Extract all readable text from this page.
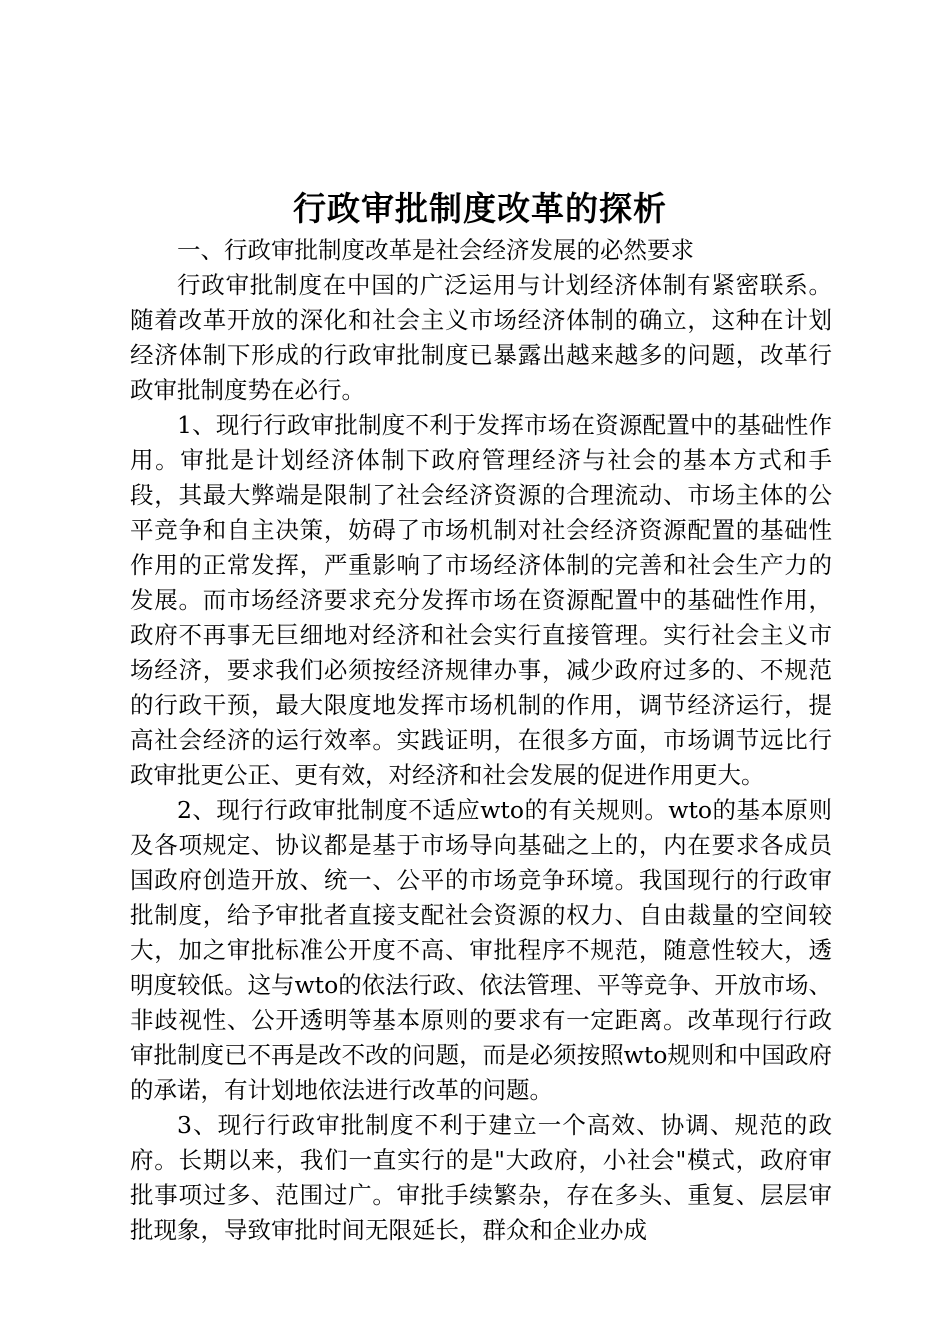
行政审批制度改革的探析

一、行政审批制度改革是社会经济发展的必然要求

行政审批制度在中国的广泛运用与计划经济体制有紧密联系。随着改革开放的深化和社会主义市场经济体制的确立，这种在计划经济体制下形成的行政审批制度已暴露出越来越多的问题，改革行政审批制度势在必行。

1、现行行政审批制度不利于发挥市场在资源配置中的基础性作用。审批是计划经济体制下政府管理经济与社会的基本方式和手段，其最大弊端是限制了社会经济资源的合理流动、市场主体的公平竞争和自主决策，妨碍了市场机制对社会经济资源配置的基础性作用的正常发挥，严重影响了市场经济体制的完善和社会生产力的发展。而市场经济要求充分发挥市场在资源配置中的基础性作用，政府不再事无巨细地对经济和社会实行直接管理。实行社会主义市场经济，要求我们必须按经济规律办事，减少政府过多的、不规范的行政干预，最大限度地发挥市场机制的作用，调节经济运行，提高社会经济的运行效率。实践证明，在很多方面，市场调节远比行政审批更公正、更有效，对经济和社会发展的促进作用更大。

2、现行行政审批制度不适应wto的有关规则。wto的基本原则及各项规定、协议都是基于市场导向基础之上的，内在要求各成员国政府创造开放、统一、公平的市场竞争环境。我国现行的行政审批制度，给予审批者直接支配社会资源的权力、自由裁量的空间较大，加之审批标准公开度不高、审批程序不规范，随意性较大，透明度较低。这与wto的依法行政、依法管理、平等竞争、开放市场、非歧视性、公开透明等基本原则的要求有一定距离。改革现行行政审批制度已不再是改不改的问题，而是必须按照wto规则和中国政府的承诺，有计划地依法进行改革的问题。

3、现行行政审批制度不利于建立一个高效、协调、规范的政府。长期以来，我们一直实行的是"大政府，小社会"模式，政府审批事项过多、范围过广。审批手续繁杂，存在多头、重复、层层审批现象，导致审批时间无限延长，群众和企业办成
